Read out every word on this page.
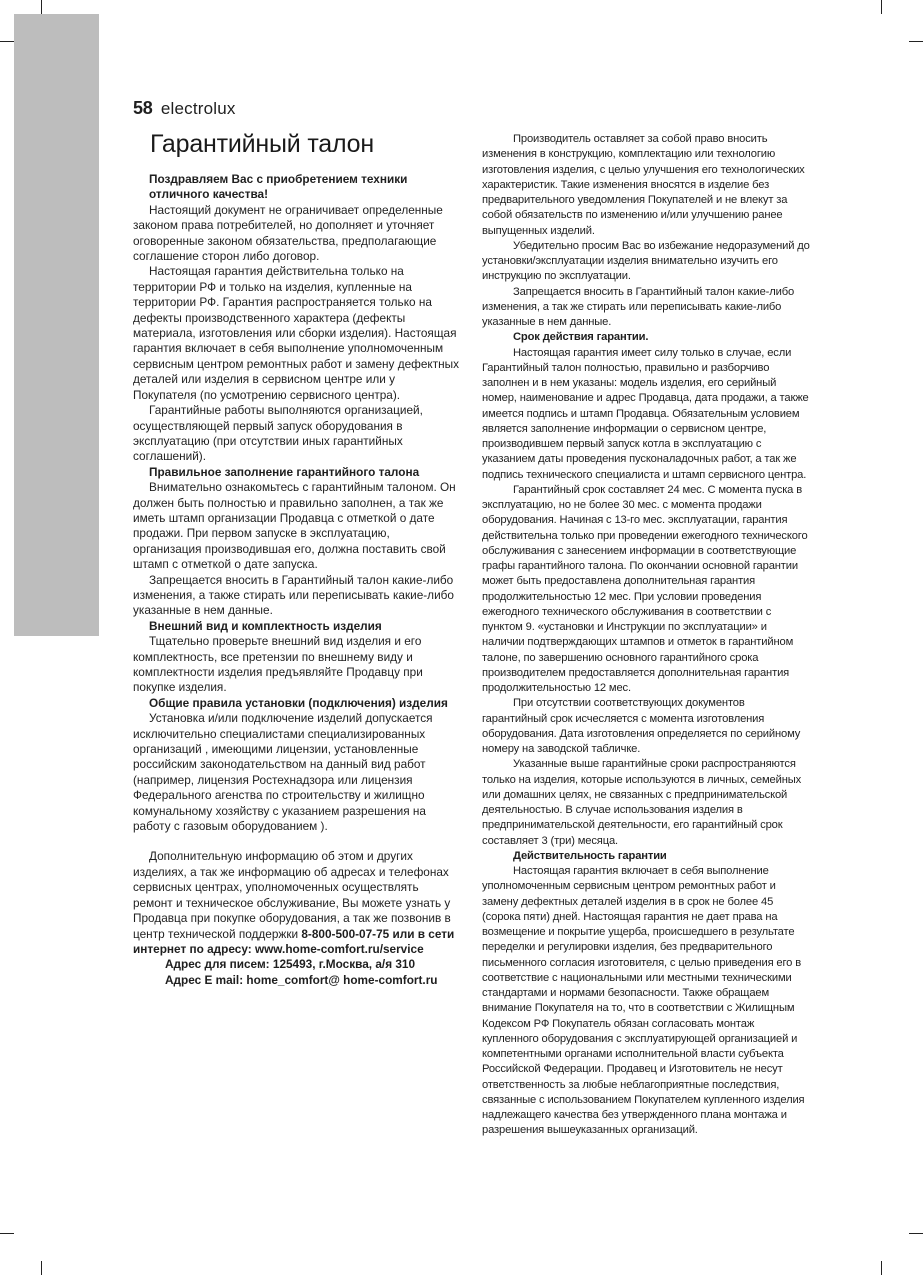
58 electrolux
Гарантийный талон
Поздравляем Вас с приобретением техники отличного качества!

Настоящий документ не ограничивает определенные законом права потребителей, но дополняет и уточняет оговоренные законом обязательства, предполагающие соглашение сторон либо договор.

Настоящая гарантия действительна только на территории РФ и только на изделия, купленные на территории РФ. Гарантия распространяется только на дефекты производственного характера (дефекты материала, изготовления или сборки изделия). Настоящая гарантия включает в себя выполнение уполномоченным сервисным центром ремонтных работ и замену дефектных деталей или изделия в сервисном центре или у Покупателя (по усмотрению сервисного центра).

Гарантийные работы выполняются организацией, осуществляющей первый запуск оборудования в эксплуатацию (при отсутствии иных гарантийных соглашений).

Правильное заполнение гарантийного талона

Внимательно ознакомьтесь с гарантийным талоном. Он должен быть полностью и правильно заполнен, а так же иметь штамп организации Продавца с отметкой о дате продажи. При первом запуске в эксплуатацию, организация производившая его, должна поставить свой штамп с отметкой о дате запуска.

Запрещается вносить в Гарантийный талон какие-либо изменения, а также стирать или переписывать какие-либо указанные в нем данные.

Внешний вид и комплектность изделия

Тщательно проверьте внешний вид изделия и его комплектность, все претензии по внешнему виду и комплектности изделия предъявляйте Продавцу при покупке изделия.

Общие правила установки (подключения) изделия

Установка и/или подключение изделий допускается исключительно специалистами специализированных организаций , имеющими лицензии, установленные российским законодательством на данный вид работ (например, лицензия Ростехнадзора или лицензия Федерального агенства по строительству и жилищно комунальному хозяйству с указанием разрешения на работу с газовым оборудованием ).

Дополнительную информацию об этом и других изделиях, а так же информацию об адресах и телефонах сервисных центрах, уполномоченных осуществлять ремонт и техническое обслуживание, Вы можете узнать у Продавца при покупке оборудования, а так же позвонив в центр технической поддержки 8-800-500-07-75 или в сети интернет по адресу: www.home-comfort.ru/service

Адрес для писем: 125493, г.Москва, а/я 310

Адрес E mail: home_comfort@ home-comfort.ru

Производитель оставляет за собой право вносить изменения в конструкцию, комплектацию или технологию изготовления изделия, с целью улучшения его технологических характеристик. Такие изменения вносятся в изделие без предварительного уведомления Покупателей и не влекут за собой обязательств по изменению и/или улучшению ранее выпущенных изделий.

Убедительно просим Вас во избежание недоразумений до установки/эксплуатации изделия внимательно изучить его инструкцию по эксплуатации.

Запрещается вносить в Гарантийный талон какие-либо изменения, а так же стирать или переписывать какие-либо указанные в нем данные.

Срок действия гарантии.

Настоящая гарантия имеет силу только в случае, если Гарантийный талон полностью, правильно и разборчиво заполнен и в нем указаны: модель изделия, его серийный номер, наименование и адрес Продавца, дата продажи, а также имеется подпись и штамп Продавца. Обязательным условием является заполнение информации о сервисном центре, производившем первый запуск котла в эксплуатацию с указанием даты проведения пусконаладочных работ, а так же подпись технического специалиста и штамп сервисного центра.

Гарантийный срок составляет 24 мес. С момента пуска в эксплуатацию, но не более 30 мес. с момента продажи оборудования. Начиная с 13-го мес. эксплуатации, гарантия действительна только при проведении ежегодного технического обслуживания с занесением информации в соответствующие графы гарантийного талона. По окончании основной гарантии может быть предоставлена дополнительная гарантия продолжительностью 12 мес. При условии проведения ежегодного технического обслуживания в соответствии с пунктом 9. «установки и Инструкции по эксплуатации» и наличии подтверждающих штампов и отметок в гарантийном талоне, по завершению основного гарантийного срока производителем предоставляется дополнительная гарантия продолжительностью 12 мес.

При отсутствии соответствующих документов гарантийный срок исчесляется с момента изготовления оборудования. Дата изготовления определяется по серийному номеру на заводской табличке.

Указанные выше гарантийные сроки распространяются только на изделия, которые используются в личных, семейных или домашних целях, не связанных с предпринимательской деятельностью. В случае использования изделия в предпринимательской деятельности, его гарантийный срок составляет 3 (три) месяца.

Действительность гарантии

Настоящая гарантия включает в себя выполнение уполномоченным сервисным центром ремонтных работ и замену дефектных деталей изделия в в срок не более 45 (сорока пяти) дней. Настоящая гарантия не дает права на возмещение и покрытие ущерба, происшедшего в результате переделки и регулировки изделия, без предварительного письменного согласия изготовителя, с целью приведения его в соответствие с национальными или местными техническими стандартами и нормами безопасности. Также обращаем внимание Покупателя на то, что в соответствии с Жилищным Кодексом РФ Покупатель обязан согласовать монтаж купленного оборудования с эксплуатирующей организацией и компетентными органами исполнительной власти субъекта Российской Федерации. Продавец и Изготовитель не несут ответственность за любые неблагоприятные последствия, связанные с использованием Покупателем купленного изделия надлежащего качества без утвержденного плана монтажа и разрешения вышеуказанных организаций.
